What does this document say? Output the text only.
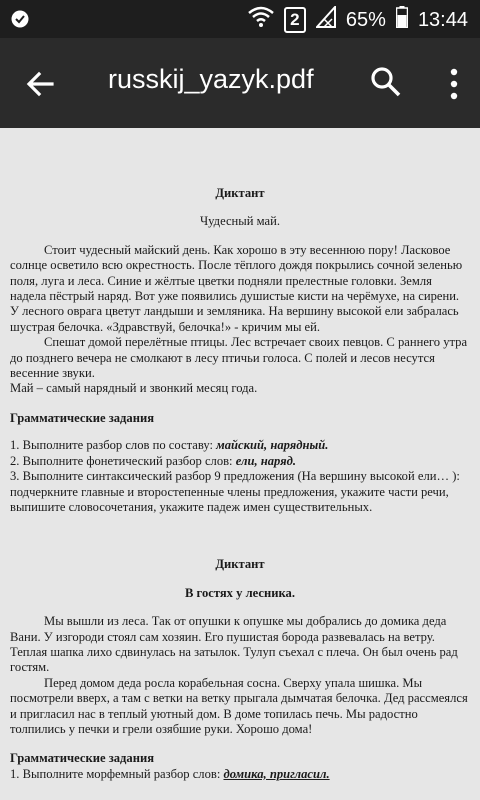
2	65% 13:44
russkij_yazyk.pdf
Диктант
Чудесный май.

Стоит чудесный майский день. Как хорошо в эту весеннюю пору! Ласковое солнце осветило всю окрестность. После тёплого дождя покрылись сочной зеленью поля, луга и леса. Синие и жёлтые цветки подняли прелестные головки. Земля надела пёстрый наряд. Вот уже появились душистые кисти на черёмухе, на сирени. У лесного оврага цветут ландыши и земляника. На вершину высокой ели забралась шустрая белочка. «Здравствуй, белочка!» - кричим мы ей.

Спешат домой перелётные птицы. Лес встречает своих певцов. С раннего утра до позднего вечера не смолкают в лесу птичьи голоса. С полей и лесов несутся весенние звуки.

Май – самый нарядный и звонкий месяц года.

Грамматические задания

1. Выполните разбор слов по составу: майский, нарядный.

2. Выполните фонетический разбор слов: ели, наряд.

3. Выполните синтаксический разбор 9 предложения (На вершину высокой ели… ): подчеркните главные и второстепенные члены предложения, укажите части речи, выпишите словосочетания, укажите падеж имен существительных.

Диктант
В гостях у лесника.

Мы вышли из леса. Так от опушки к опушке мы добрались до домика деда Вани. У изгороди стоял сам хозяин. Его пушистая борода развевалась на ветру. Теплая шапка лихо сдвинулась на затылок. Тулуп съехал с плеча. Он был очень рад гостям.

Перед домом деда росла корабельная сосна. Сверху упала шишка. Мы посмотрели вверх, а там с ветки на ветку прыгала дымчатая белочка. Дед рассмеялся и пригласил нас в теплый уютный дом. В доме топилась печь. Мы радостно толпились у печки и грели озябшие руки. Хорошо дома!

Грамматические задания

1. Выполните морфемный разбор слов: домика, пригласил.
